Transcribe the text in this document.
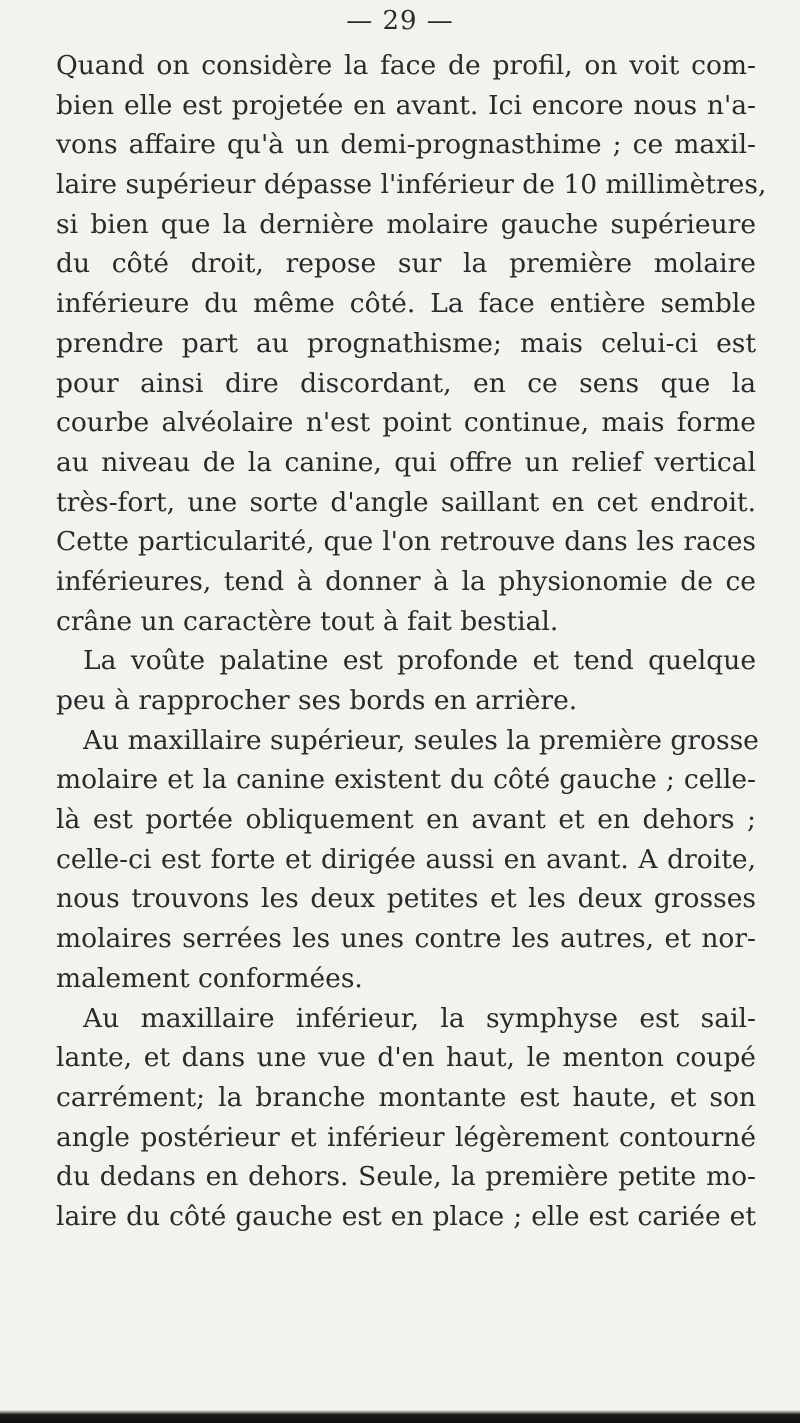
— 29 —
Quand on considère la face de profil, on voit com-
bien elle est projetée en avant. Ici encore nous n'a-
vons affaire qu'à un demi-prognasthime ; ce maxil-
laire supérieur dépasse l'inférieur de 10 millimètres,
si bien que la dernière molaire gauche supérieure
du côté droit, repose sur la première molaire
inférieure du même côté. La face entière semble
prendre part au prognathisme; mais celui-ci est
pour ainsi dire discordant, en ce sens que la
courbe alvéolaire n'est point continue, mais forme
au niveau de la canine, qui offre un relief vertical
très-fort, une sorte d'angle saillant en cet endroit.
Cette particularité, que l'on retrouve dans les races
inférieures, tend à donner à la physionomie de ce
crâne un caractère tout à fait bestial.
La voûte palatine est profonde et tend quelque
peu à rapprocher ses bords en arrière.
Au maxillaire supérieur, seules la première grosse
molaire et la canine existent du côté gauche ; celle-
là est portée obliquement en avant et en dehors ;
celle-ci est forte et dirigée aussi en avant. A droite,
nous trouvons les deux petites et les deux grosses
molaires serrées les unes contre les autres, et nor-
malement conformées.
Au maxillaire inférieur, la symphyse est sail-
lante, et dans une vue d'en haut, le menton coupé
carrément; la branche montante est haute, et son
angle postérieur et inférieur légèrement contourné
du dedans en dehors. Seule, la première petite mo-
laire du côté gauche est en place ; elle est cariée et
